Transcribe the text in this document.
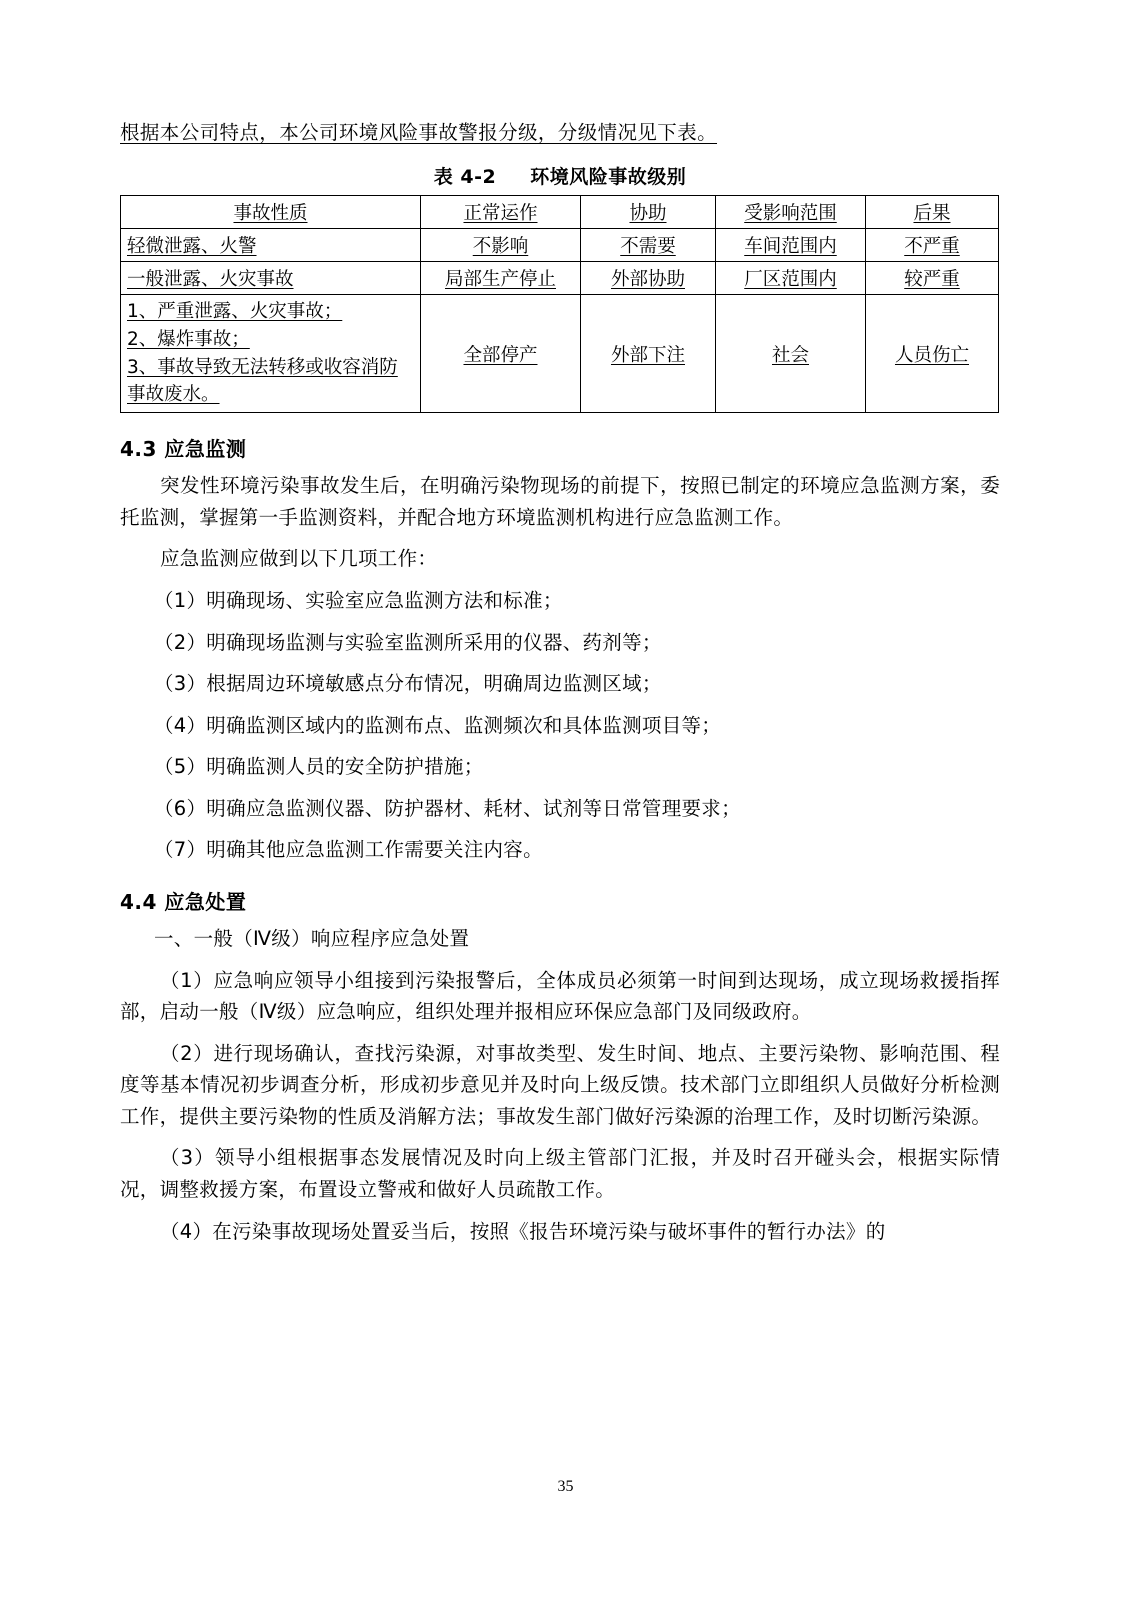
根据本公司特点，本公司环境风险事故警报分级，分级情况见下表。
表 4-2 环境风险事故级别
事故性质	正常运作	协助	受影响范围	后果
轻微泄露、火警	不影响	不需要	车间范围内	不严重
一般泄露、火灾事故	局部生产停止	外部协助	厂区范围内	较严重

1、严重泄露、火灾事故；
2、爆炸事故；
3、事故导致无法转移或收容消防事故废水。	全部停产	外部下注	社会	人员伤亡
4.3 应急监测

突发性环境污染事故发生后，在明确污染物现场的前提下，按照已制定的环境应急监测方案，委托监测，掌握第一手监测资料，并配合地方环境监测机构进行应急监测工作。

应急监测应做到以下几项工作：

（1）明确现场、实验室应急监测方法和标准；

（2）明确现场监测与实验室监测所采用的仪器、药剂等；

（3）根据周边环境敏感点分布情况，明确周边监测区域；

（4）明确监测区域内的监测布点、监测频次和具体监测项目等；

（5）明确监测人员的安全防护措施；

（6）明确应急监测仪器、防护器材、耗材、试剂等日常管理要求；

（7）明确其他应急监测工作需要关注内容。

4.4 应急处置

一、一般（Ⅳ级）响应程序应急处置

（1）应急响应领导小组接到污染报警后，全体成员必须第一时间到达现场，成立现场救援指挥部，启动一般（Ⅳ级）应急响应，组织处理并报相应环保应急部门及同级政府。

（2）进行现场确认，查找污染源，对事故类型、发生时间、地点、主要污染物、影响范围、程度等基本情况初步调查分析，形成初步意见并及时向上级反馈。技术部门立即组织人员做好分析检测工作，提供主要污染物的性质及消解方法；事故发生部门做好污染源的治理工作，及时切断污染源。

（3）领导小组根据事态发展情况及时向上级主管部门汇报，并及时召开碰头会，根据实际情况，调整救援方案，布置设立警戒和做好人员疏散工作。

（4）在污染事故现场处置妥当后，按照《报告环境污染与破坏事件的暂行办法》的

35
